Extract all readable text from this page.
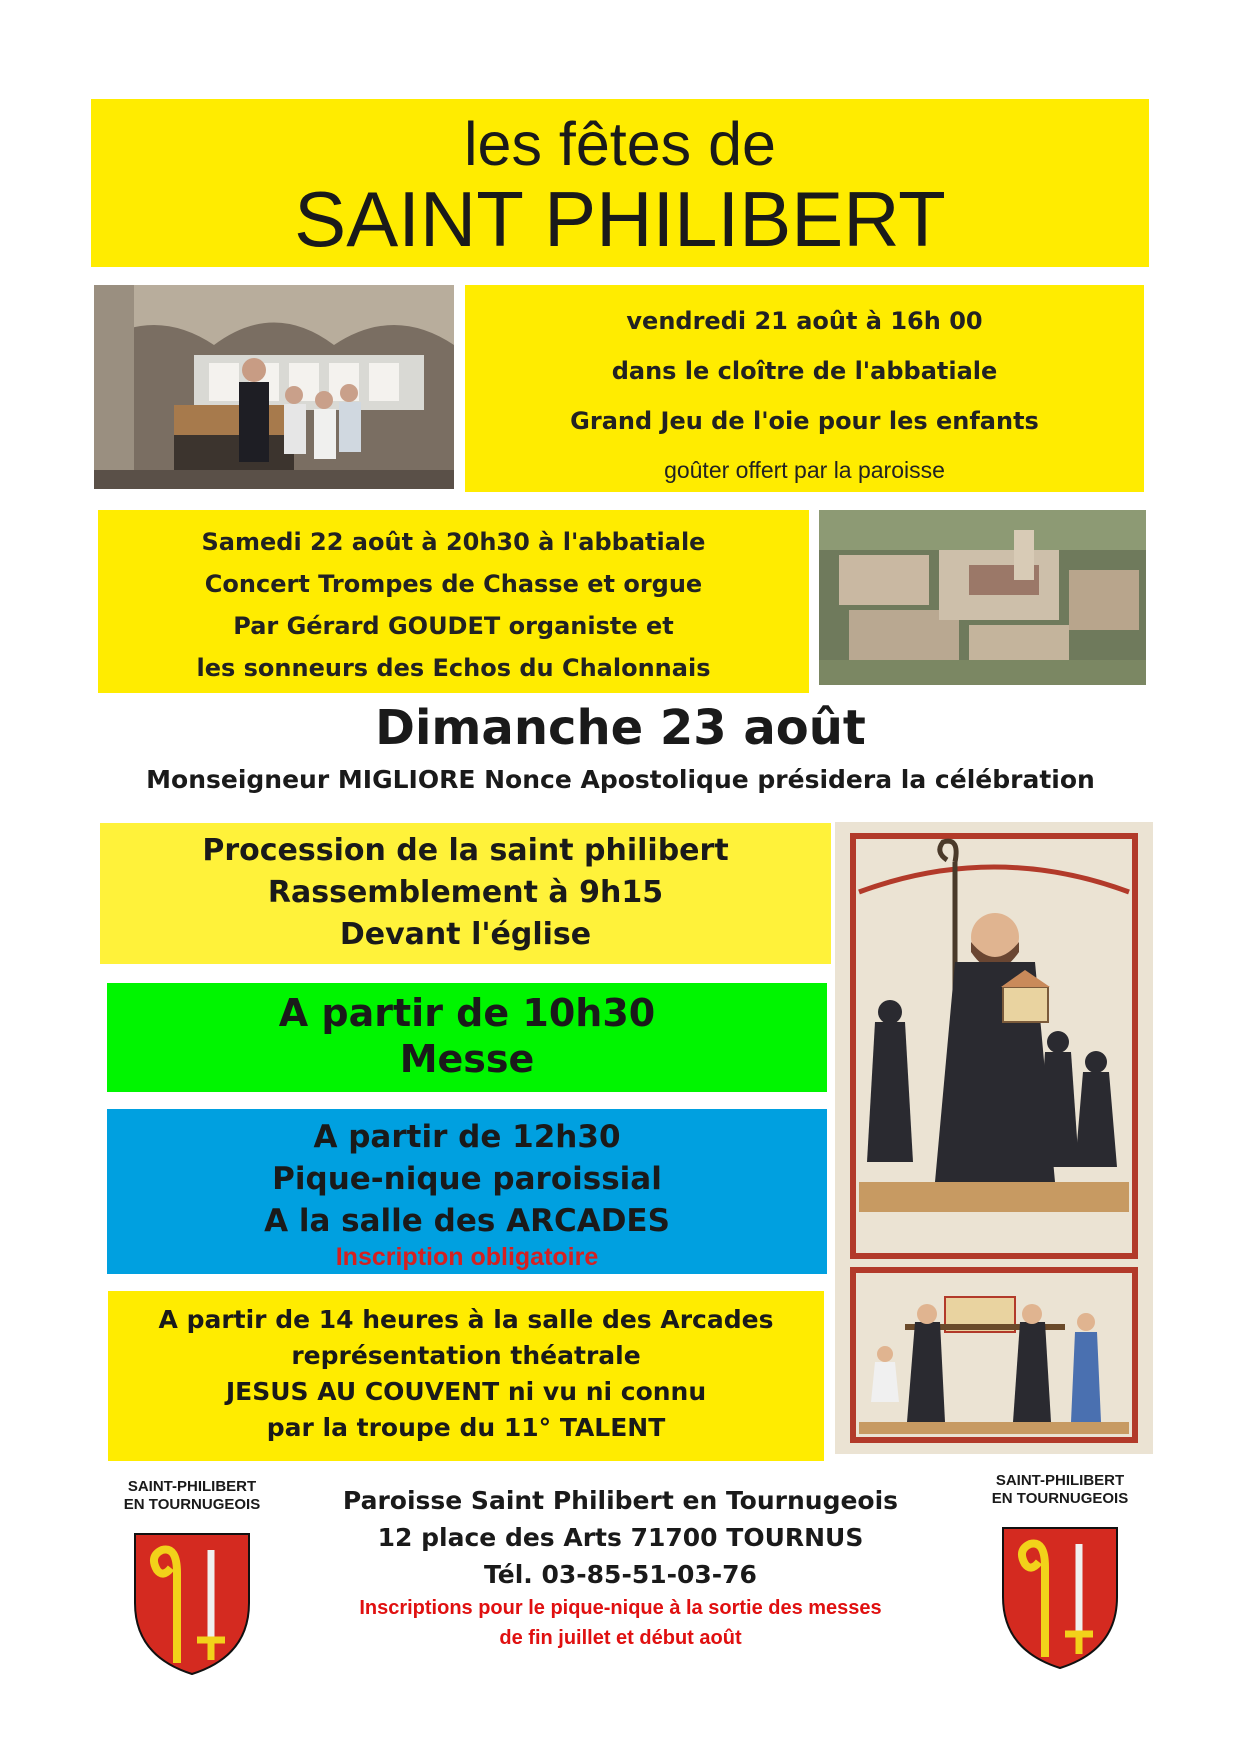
les fêtes de
SAINT PHILIBERT
vendredi 21 août à 16h 00
dans le cloître de l'abbatiale
Grand Jeu de l'oie pour les enfants
goûter offert par la paroisse
Samedi 22 août à 20h30 à l'abbatiale
Concert Trompes de Chasse et orgue
Par Gérard GOUDET organiste et
les sonneurs des Echos du Chalonnais
Dimanche 23 août
Monseigneur MIGLIORE Nonce Apostolique présidera la célébration
Procession de la saint philibert
Rassemblement à 9h15
Devant l'église
A partir de 10h30
Messe
A partir de 12h30
Pique-nique paroissial
A la salle des ARCADES
Inscription obligatoire
A partir de 14 heures à la salle des Arcades
représentation théatrale
JESUS AU COUVENT ni vu ni connu
par la troupe du 11° TALENT
SAINT-PHILIBERT
EN TOURNUGEOIS
SAINT-PHILIBERT
EN TOURNUGEOIS
Paroisse Saint Philibert en Tournugeois
12 place des Arts 71700 TOURNUS
Tél. 03-85-51-03-76
Inscriptions pour le pique-nique à la sortie des messes
de fin juillet et début août
